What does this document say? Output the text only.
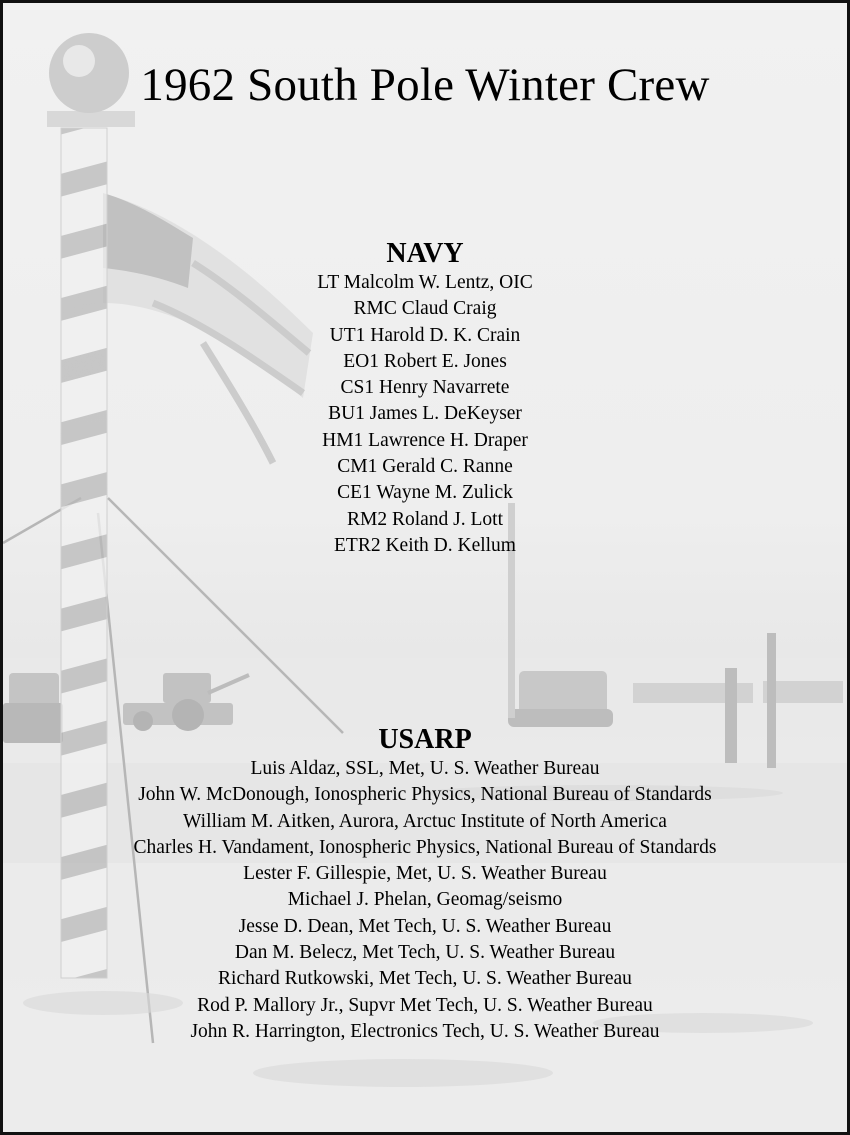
1962 South Pole Winter Crew
NAVY
LT Malcolm W. Lentz, OIC
RMC Claud Craig
UT1 Harold D. K. Crain
EO1 Robert E. Jones
CS1 Henry Navarrete
BU1 James L. DeKeyser
HM1 Lawrence H. Draper
CM1 Gerald C. Ranne
CE1 Wayne M. Zulick
RM2 Roland J. Lott
ETR2 Keith D. Kellum
USARP
Luis Aldaz, SSL, Met, U. S. Weather Bureau
John W. McDonough, Ionospheric Physics, National Bureau of Standards
William M. Aitken, Aurora, Arctuc Institute of North America
Charles H. Vandament, Ionospheric Physics, National Bureau of Standards
Lester F. Gillespie, Met, U. S. Weather Bureau
Michael J. Phelan, Geomag/seismo
Jesse D. Dean, Met Tech, U. S. Weather Bureau
Dan M. Belecz, Met Tech, U. S. Weather Bureau
Richard Rutkowski, Met Tech, U. S. Weather Bureau
Rod P. Mallory Jr., Supvr Met Tech, U. S. Weather Bureau
John R. Harrington, Electronics Tech, U. S. Weather Bureau
